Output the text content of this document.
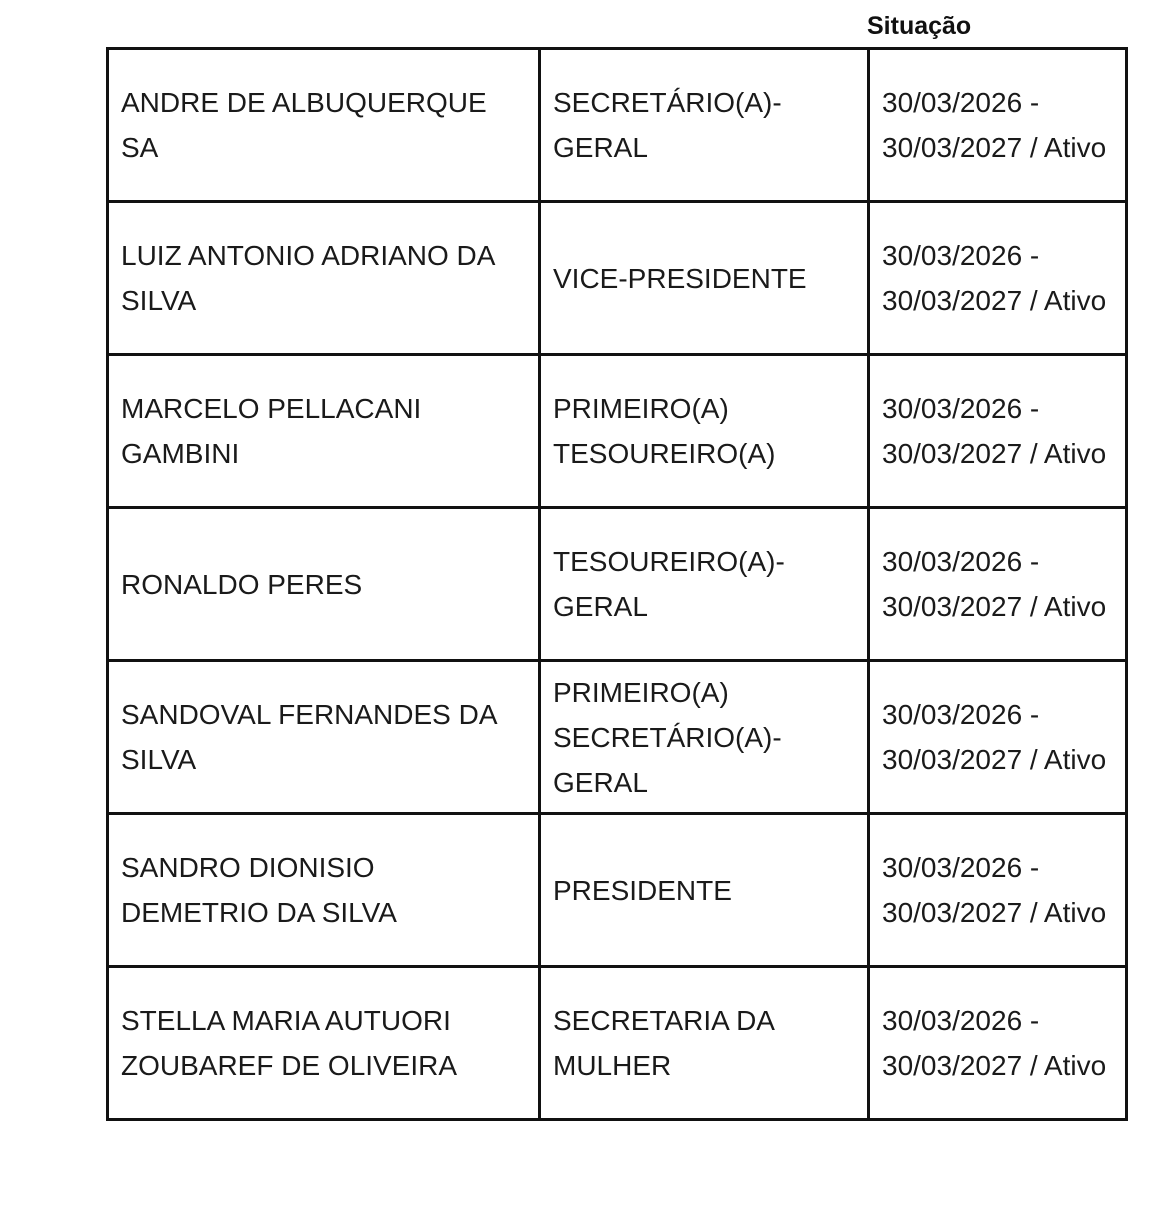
Situação
ANDRE DE ALBUQUERQUE SA	SECRETÁRIO(A)-GERAL	30/03/2026 - 30/03/2027 / Ativo

LUIZ ANTONIO ADRIANO DA SILVA	VICE-PRESIDENTE	30/03/2026 - 30/03/2027 / Ativo

MARCELO PELLACANI GAMBINI	PRIMEIRO(A) TESOUREIRO(A)	30/03/2026 - 30/03/2027 / Ativo

RONALDO PERES	TESOUREIRO(A)-GERAL	30/03/2026 - 30/03/2027 / Ativo

SANDOVAL FERNANDES DA SILVA	PRIMEIRO(A) SECRETÁRIO(A)-GERAL	30/03/2026 - 30/03/2027 / Ativo

SANDRO DIONISIO DEMETRIO DA SILVA	PRESIDENTE	30/03/2026 - 30/03/2027 / Ativo

STELLA MARIA AUTUORI ZOUBAREF DE OLIVEIRA	SECRETARIA DA MULHER	30/03/2026 - 30/03/2027 / Ativo
